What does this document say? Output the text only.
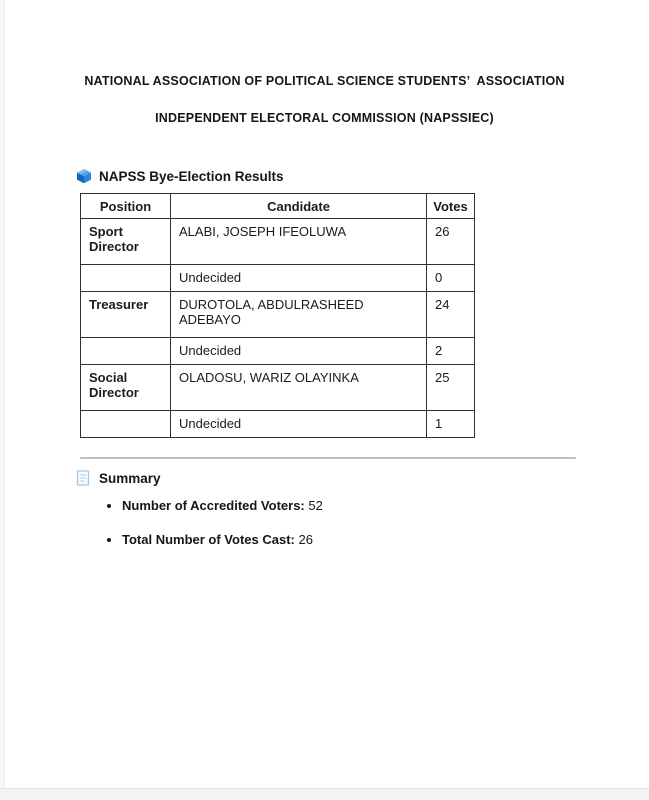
NATIONAL ASSOCIATION OF POLITICAL SCIENCE STUDENTS’  ASSOCIATION
INDEPENDENT ELECTORAL COMMISSION (NAPSSIEC)
NAPSS Bye-Election Results
Position	Candidate	Votes
Sport Director	ALABI, JOSEPH IFEOLUWA	26
	Undecided	0
Treasurer	DUROTOLA, ABDULRASHEED ADEBAYO	24
	Undecided	2
Social Director	OLADOSU, WARIZ OLAYINKA	25
	Undecided	1
Summary
• Number of Accredited Voters: 52
• Total Number of Votes Cast: 26
